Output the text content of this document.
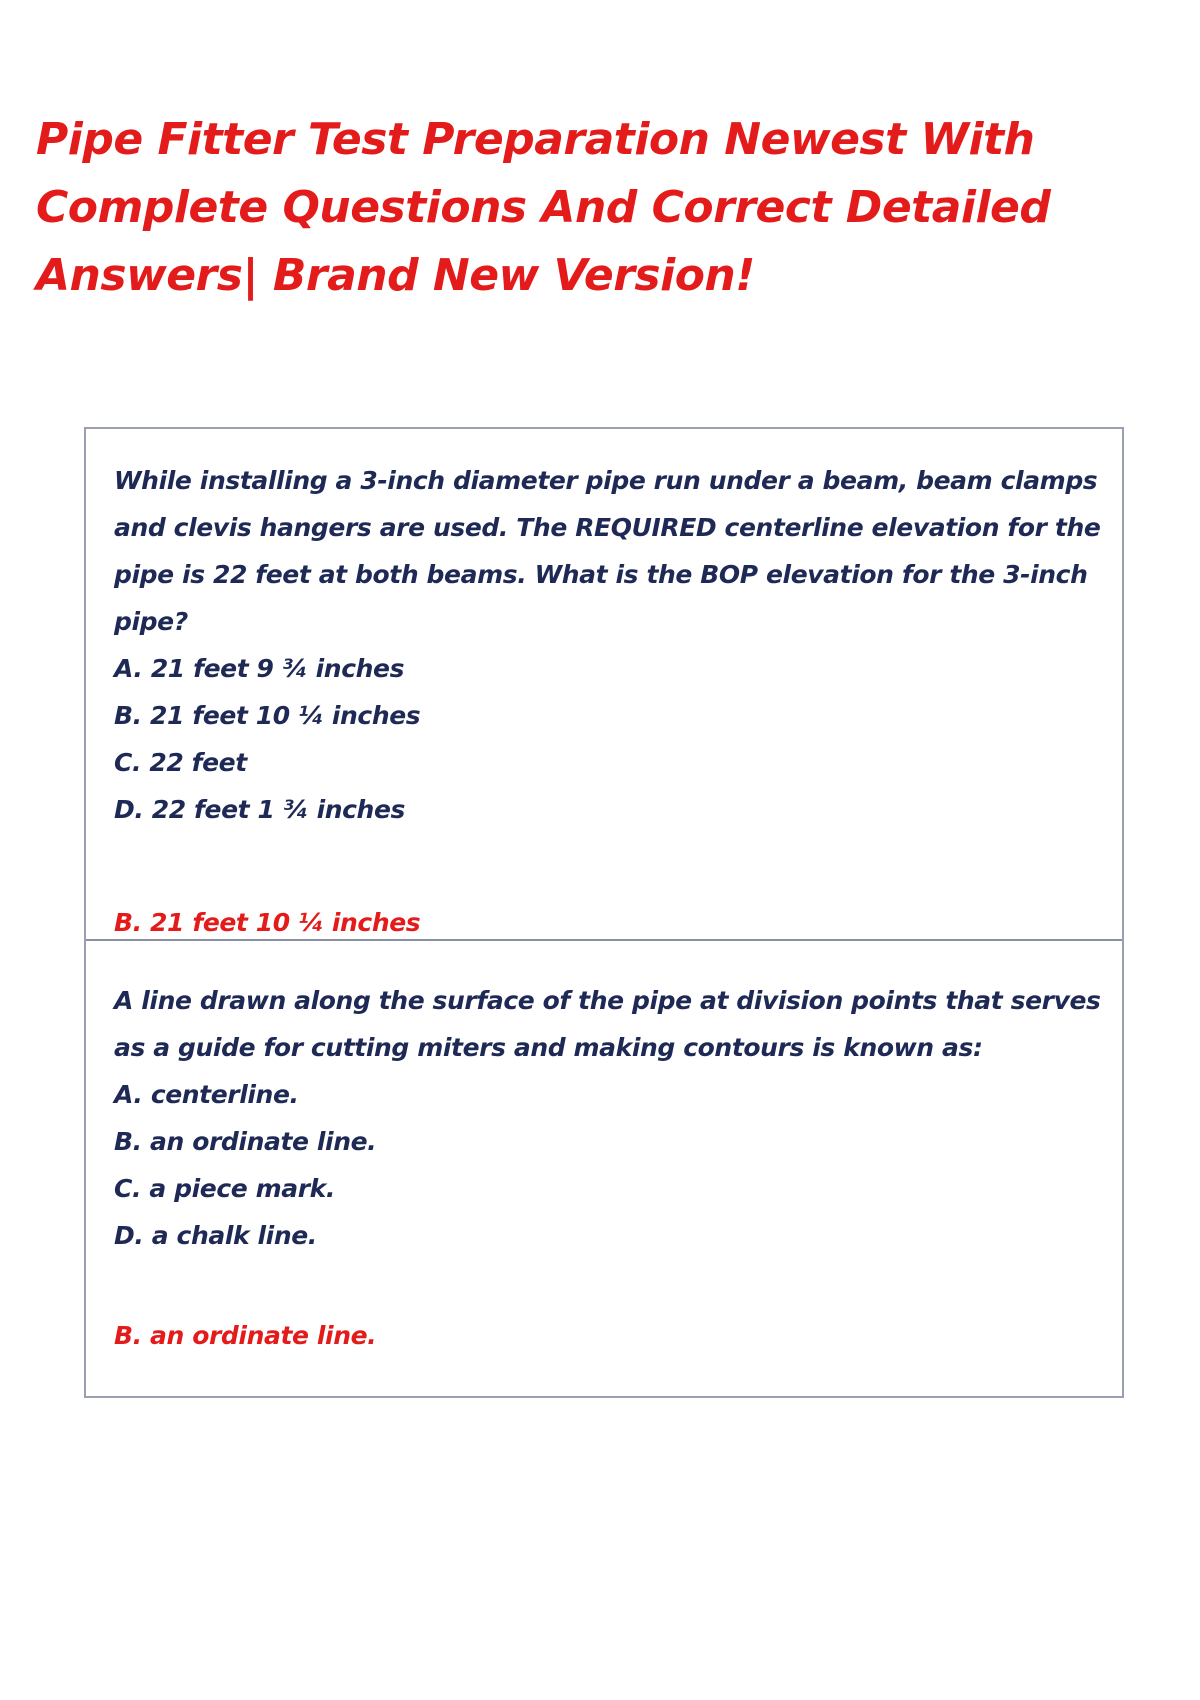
Pipe Fitter Test Preparation Newest With Complete Questions And Correct Detailed Answers| Brand New Version!

While installing a 3-inch diameter pipe run under a beam, beam clamps and clevis hangers are used. The REQUIRED centerline elevation for the pipe is 22 feet at both beams. What is the BOP elevation for the 3-inch pipe?

A. 21 feet 9 ¾ inches

B. 21 feet 10 ¼ inches

C. 22 feet

D. 22 feet 1 ¾ inches

B. 21 feet 10 ¼ inches

A line drawn along the surface of the pipe at division points that serves as a guide for cutting miters and making contours is known as:

A. centerline.

B. an ordinate line.

C. a piece mark.

D. a chalk line.

B. an ordinate line.
